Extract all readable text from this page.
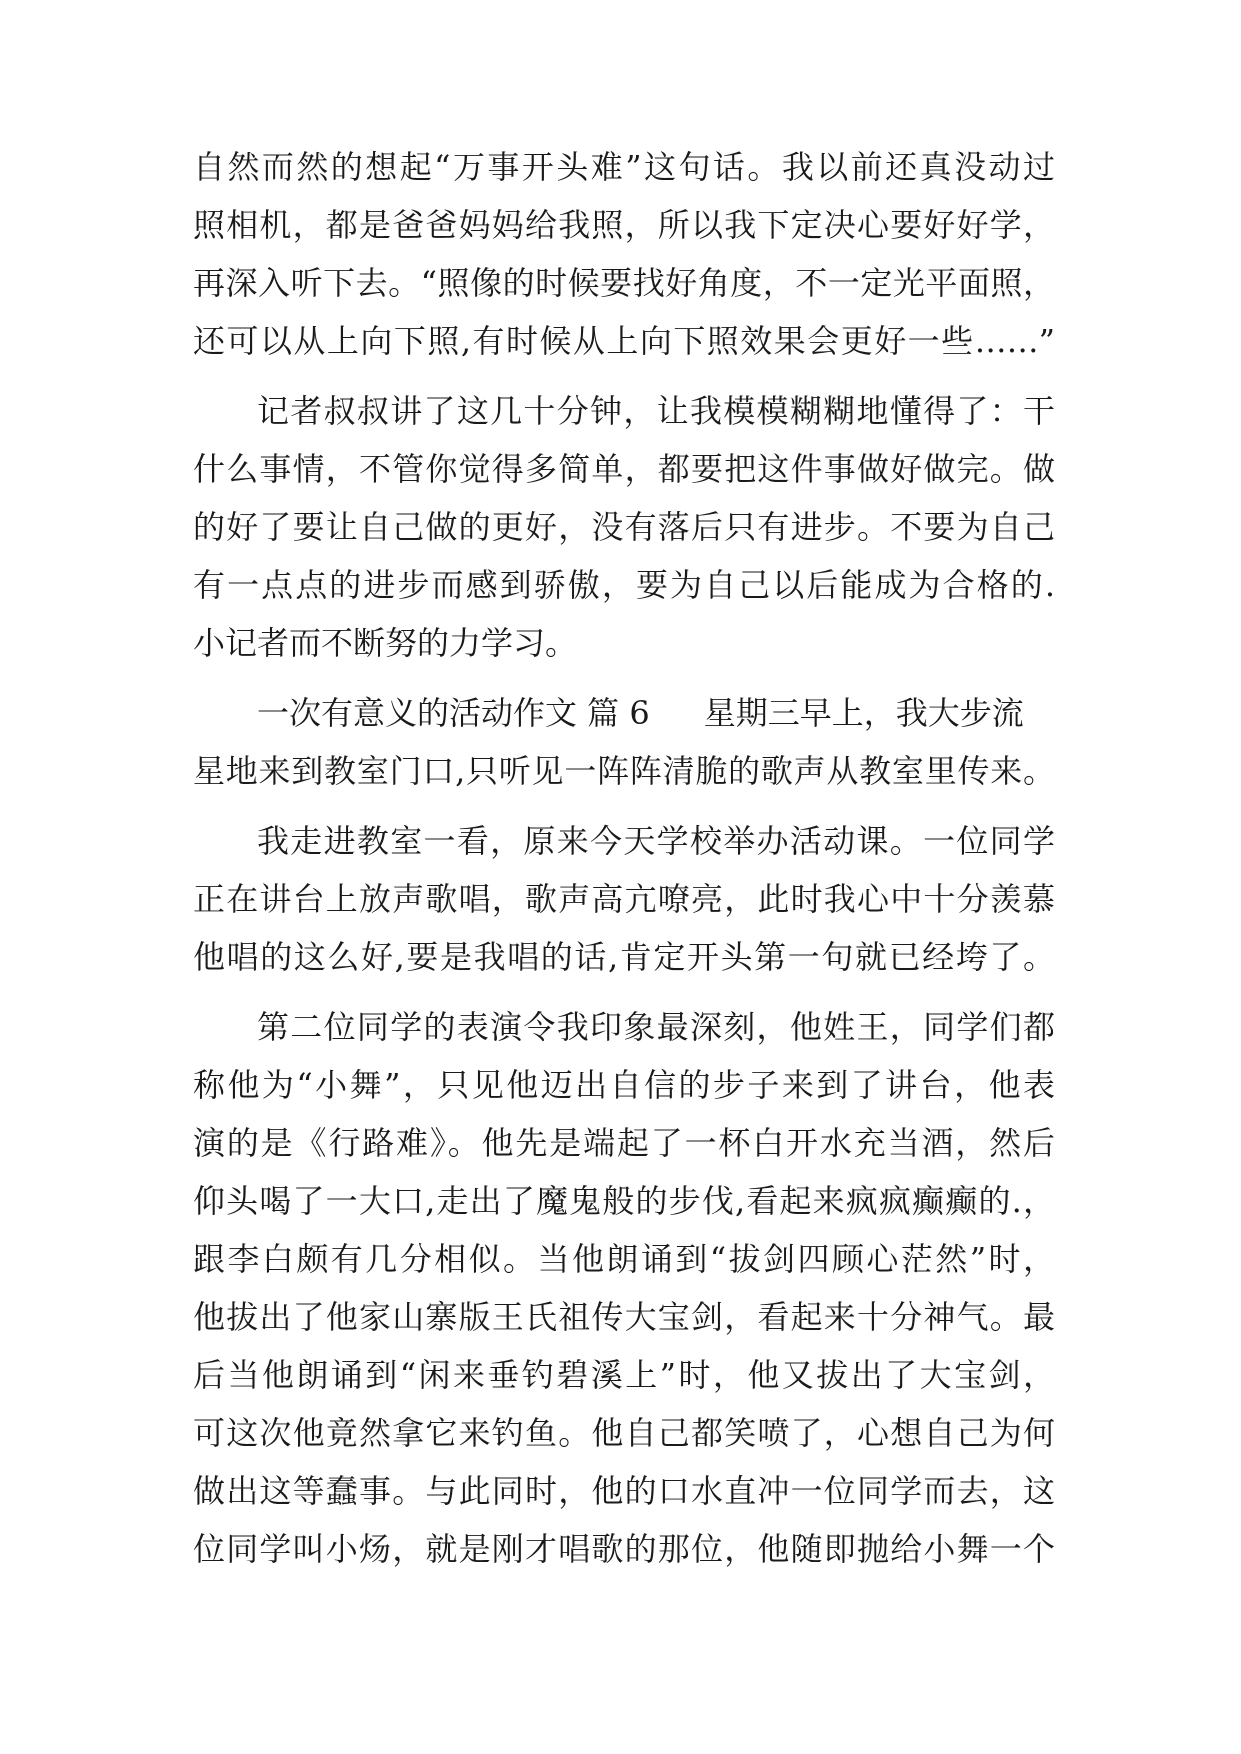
自然而然的想起“万事开头难”这句话。我以前还真没动过
照相机，都是爸爸妈妈给我照，所以我下定决心要好好学，
再深入听下去。“照像的时候要找好角度，不一定光平面照，
还可以从上向下照,有时候从上向下照效果会更好一些……”
记者叔叔讲了这几十分钟，让我模模糊糊地懂得了：干
什么事情，不管你觉得多简单，都要把这件事做好做完。做
的好了要让自己做的更好，没有落后只有进步。不要为自己
有一点点的进步而感到骄傲，要为自己以后能成为合格的.
小记者而不断努的力学习。
一次有意义的活动作文 篇 6 星期三早上，我大步流
星地来到教室门口,只听见一阵阵清脆的歌声从教室里传来。
我走进教室一看，原来今天学校举办活动课。一位同学
正在讲台上放声歌唱，歌声高亢嘹亮，此时我心中十分羡慕
他唱的这么好,要是我唱的话,肯定开头第一句就已经垮了。
第二位同学的表演令我印象最深刻，他姓王，同学们都
称他为“小舞”，只见他迈出自信的步子来到了讲台，他表
演的是《行路难》。他先是端起了一杯白开水充当酒，然后
仰头喝了一大口,走出了魔鬼般的步伐,看起来疯疯癫癫的.，
跟李白颇有几分相似。当他朗诵到“拔剑四顾心茫然”时，
他拔出了他家山寨版王氏祖传大宝剑，看起来十分神气。最
后当他朗诵到“闲来垂钓碧溪上”时，他又拔出了大宝剑，
可这次他竟然拿它来钓鱼。他自己都笑喷了，心想自己为何
做出这等蠢事。与此同时，他的口水直冲一位同学而去，这
位同学叫小炀，就是刚才唱歌的那位，他随即抛给小舞一个
